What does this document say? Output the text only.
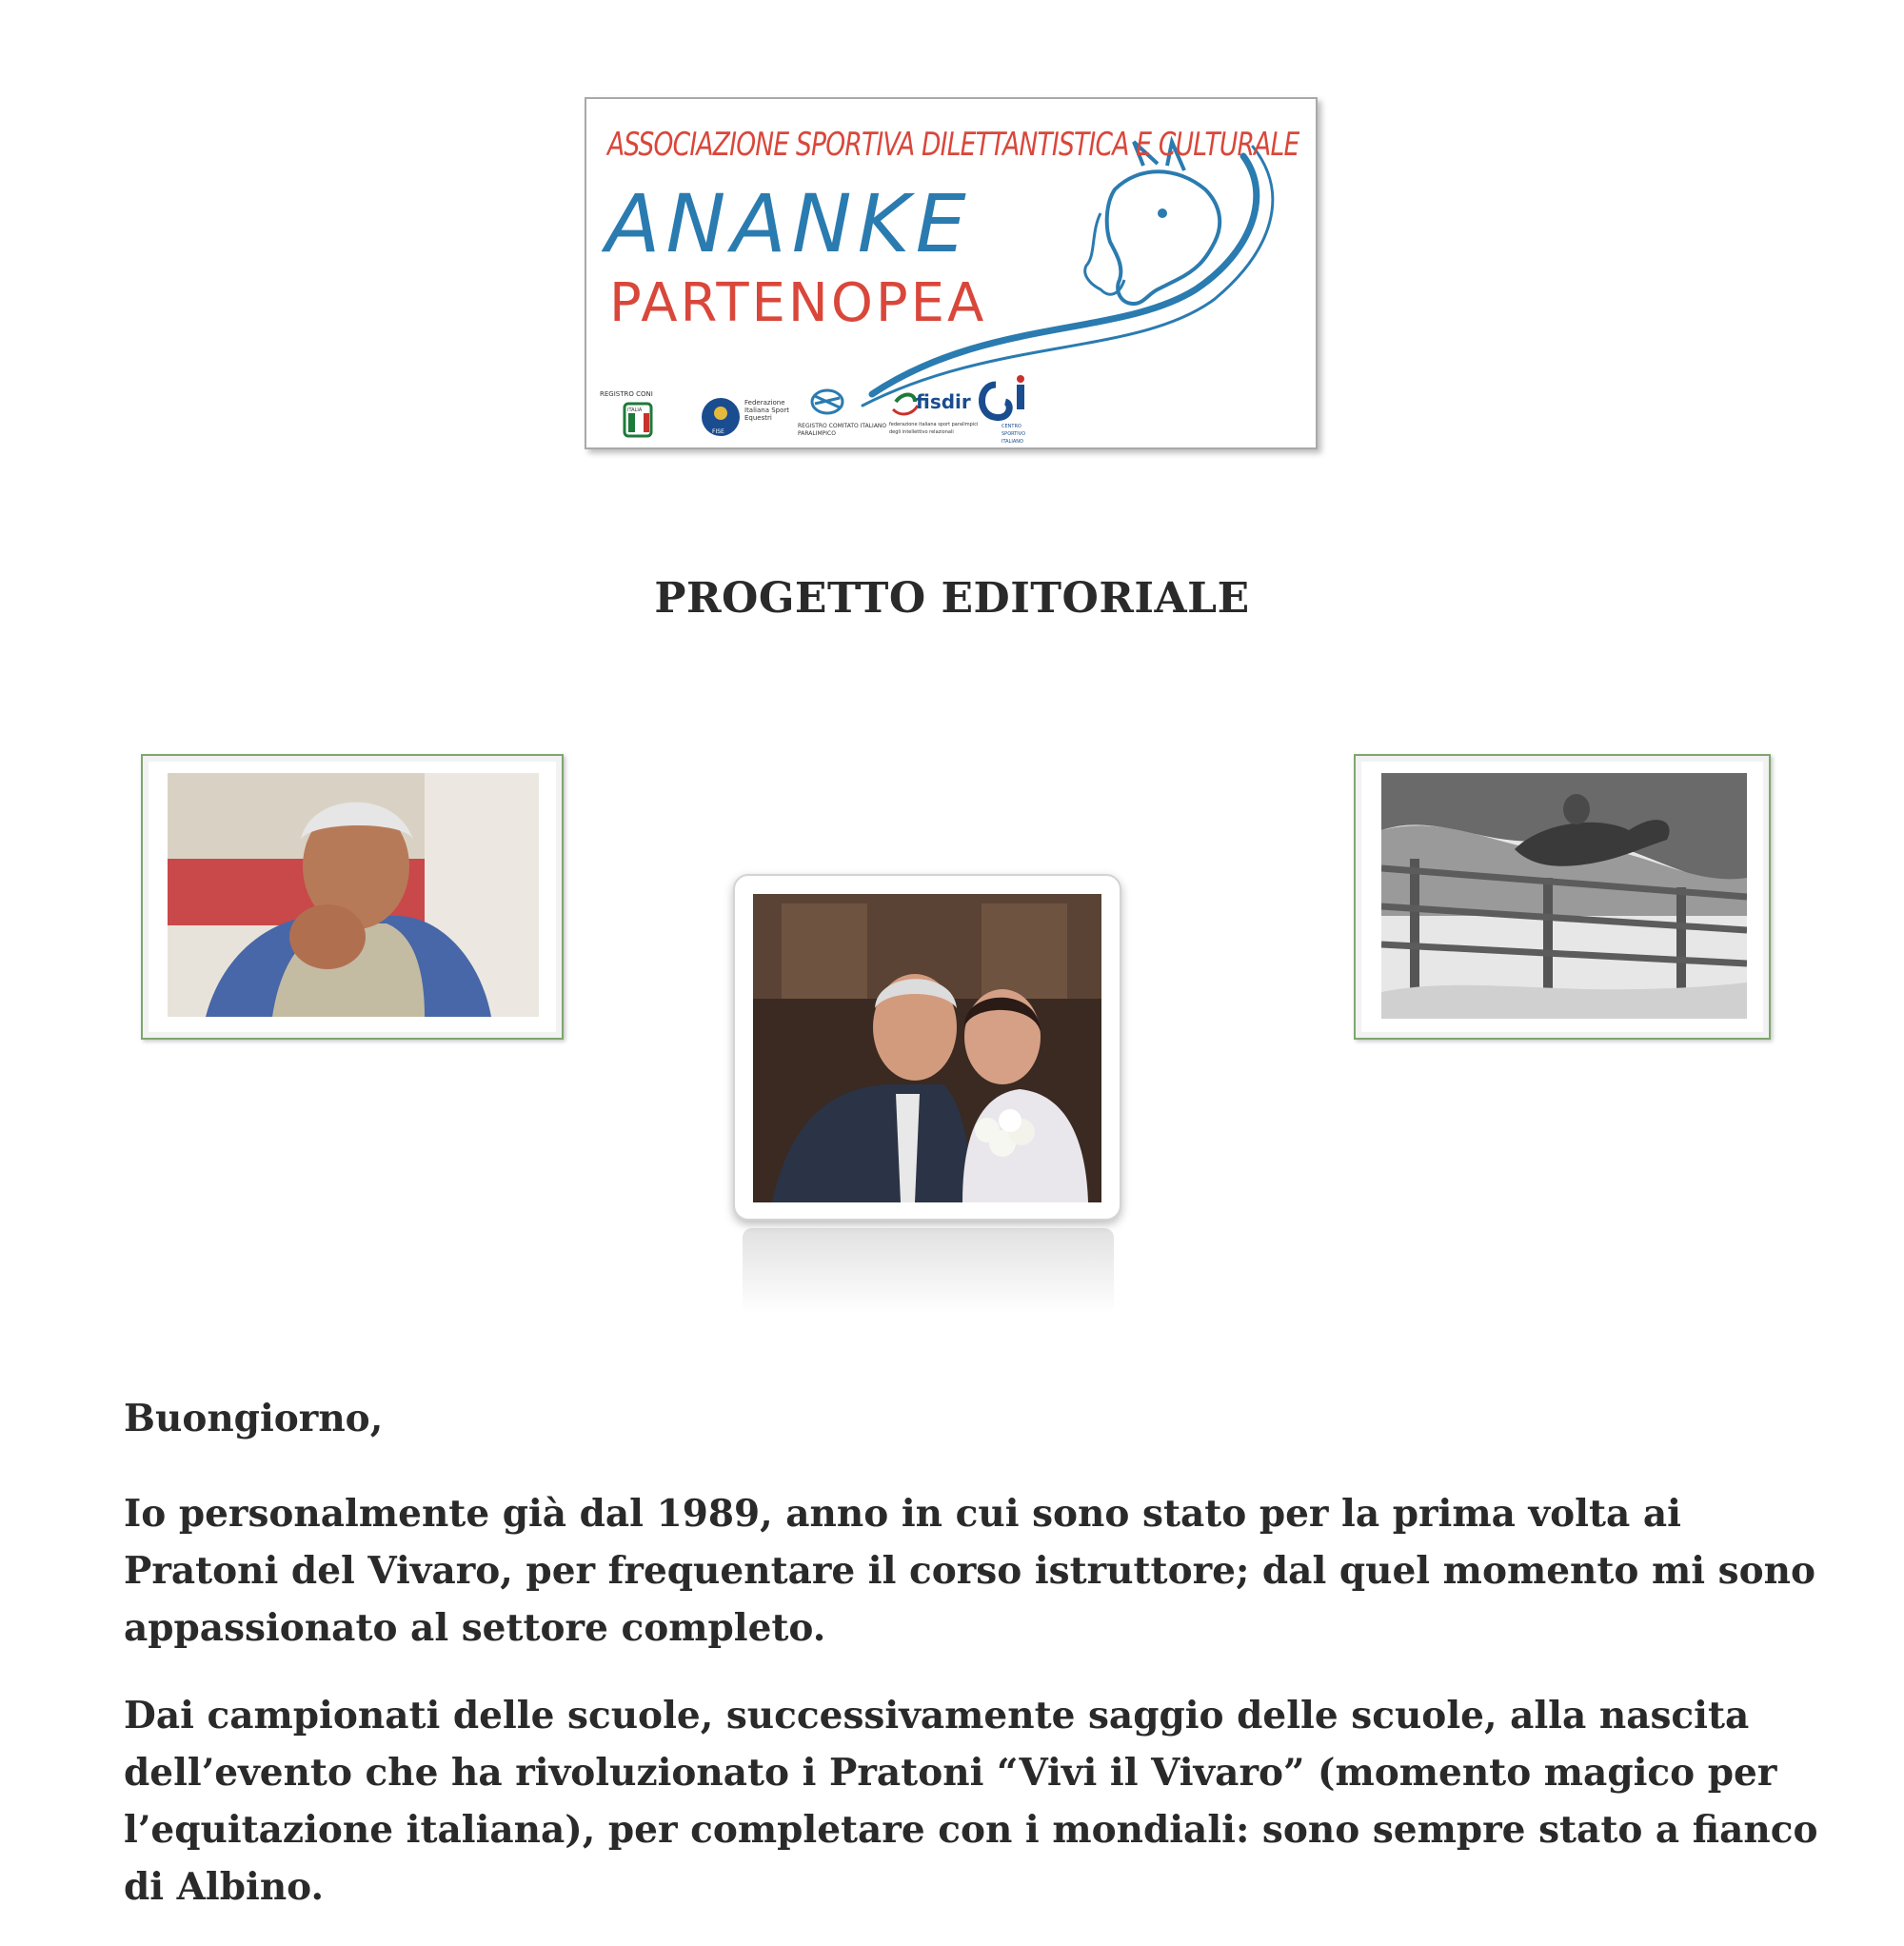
ASSOCIAZIONE SPORTIVA DILETTANTISTICA E CULTURALE
ANANKE
PARTENOPEA
REGISTRO CONI
ITALIA
FISE
Federazione Italiana Sport Equestri
REGISTRO COMITATO ITALIANO PARALIMPICO
fisdir
federazione italiana sport paralimpici degli intellettivo relazionali
CENTRO SPORTIVO ITALIANO
PROGETTO EDITORIALE

Buongiorno,

Io personalmente già dal 1989, anno in cui sono stato per la prima volta ai Pratoni del Vivaro, per frequentare il corso istruttore; dal quel momento mi sono appassionato al settore completo.

Dai campionati delle scuole, successivamente saggio delle scuole, alla nascita dell’evento che ha rivoluzionato i Pratoni “Vivi il Vivaro” (momento magico per l’equitazione italiana), per completare con i mondiali: sono sempre stato a fianco di Albino.
